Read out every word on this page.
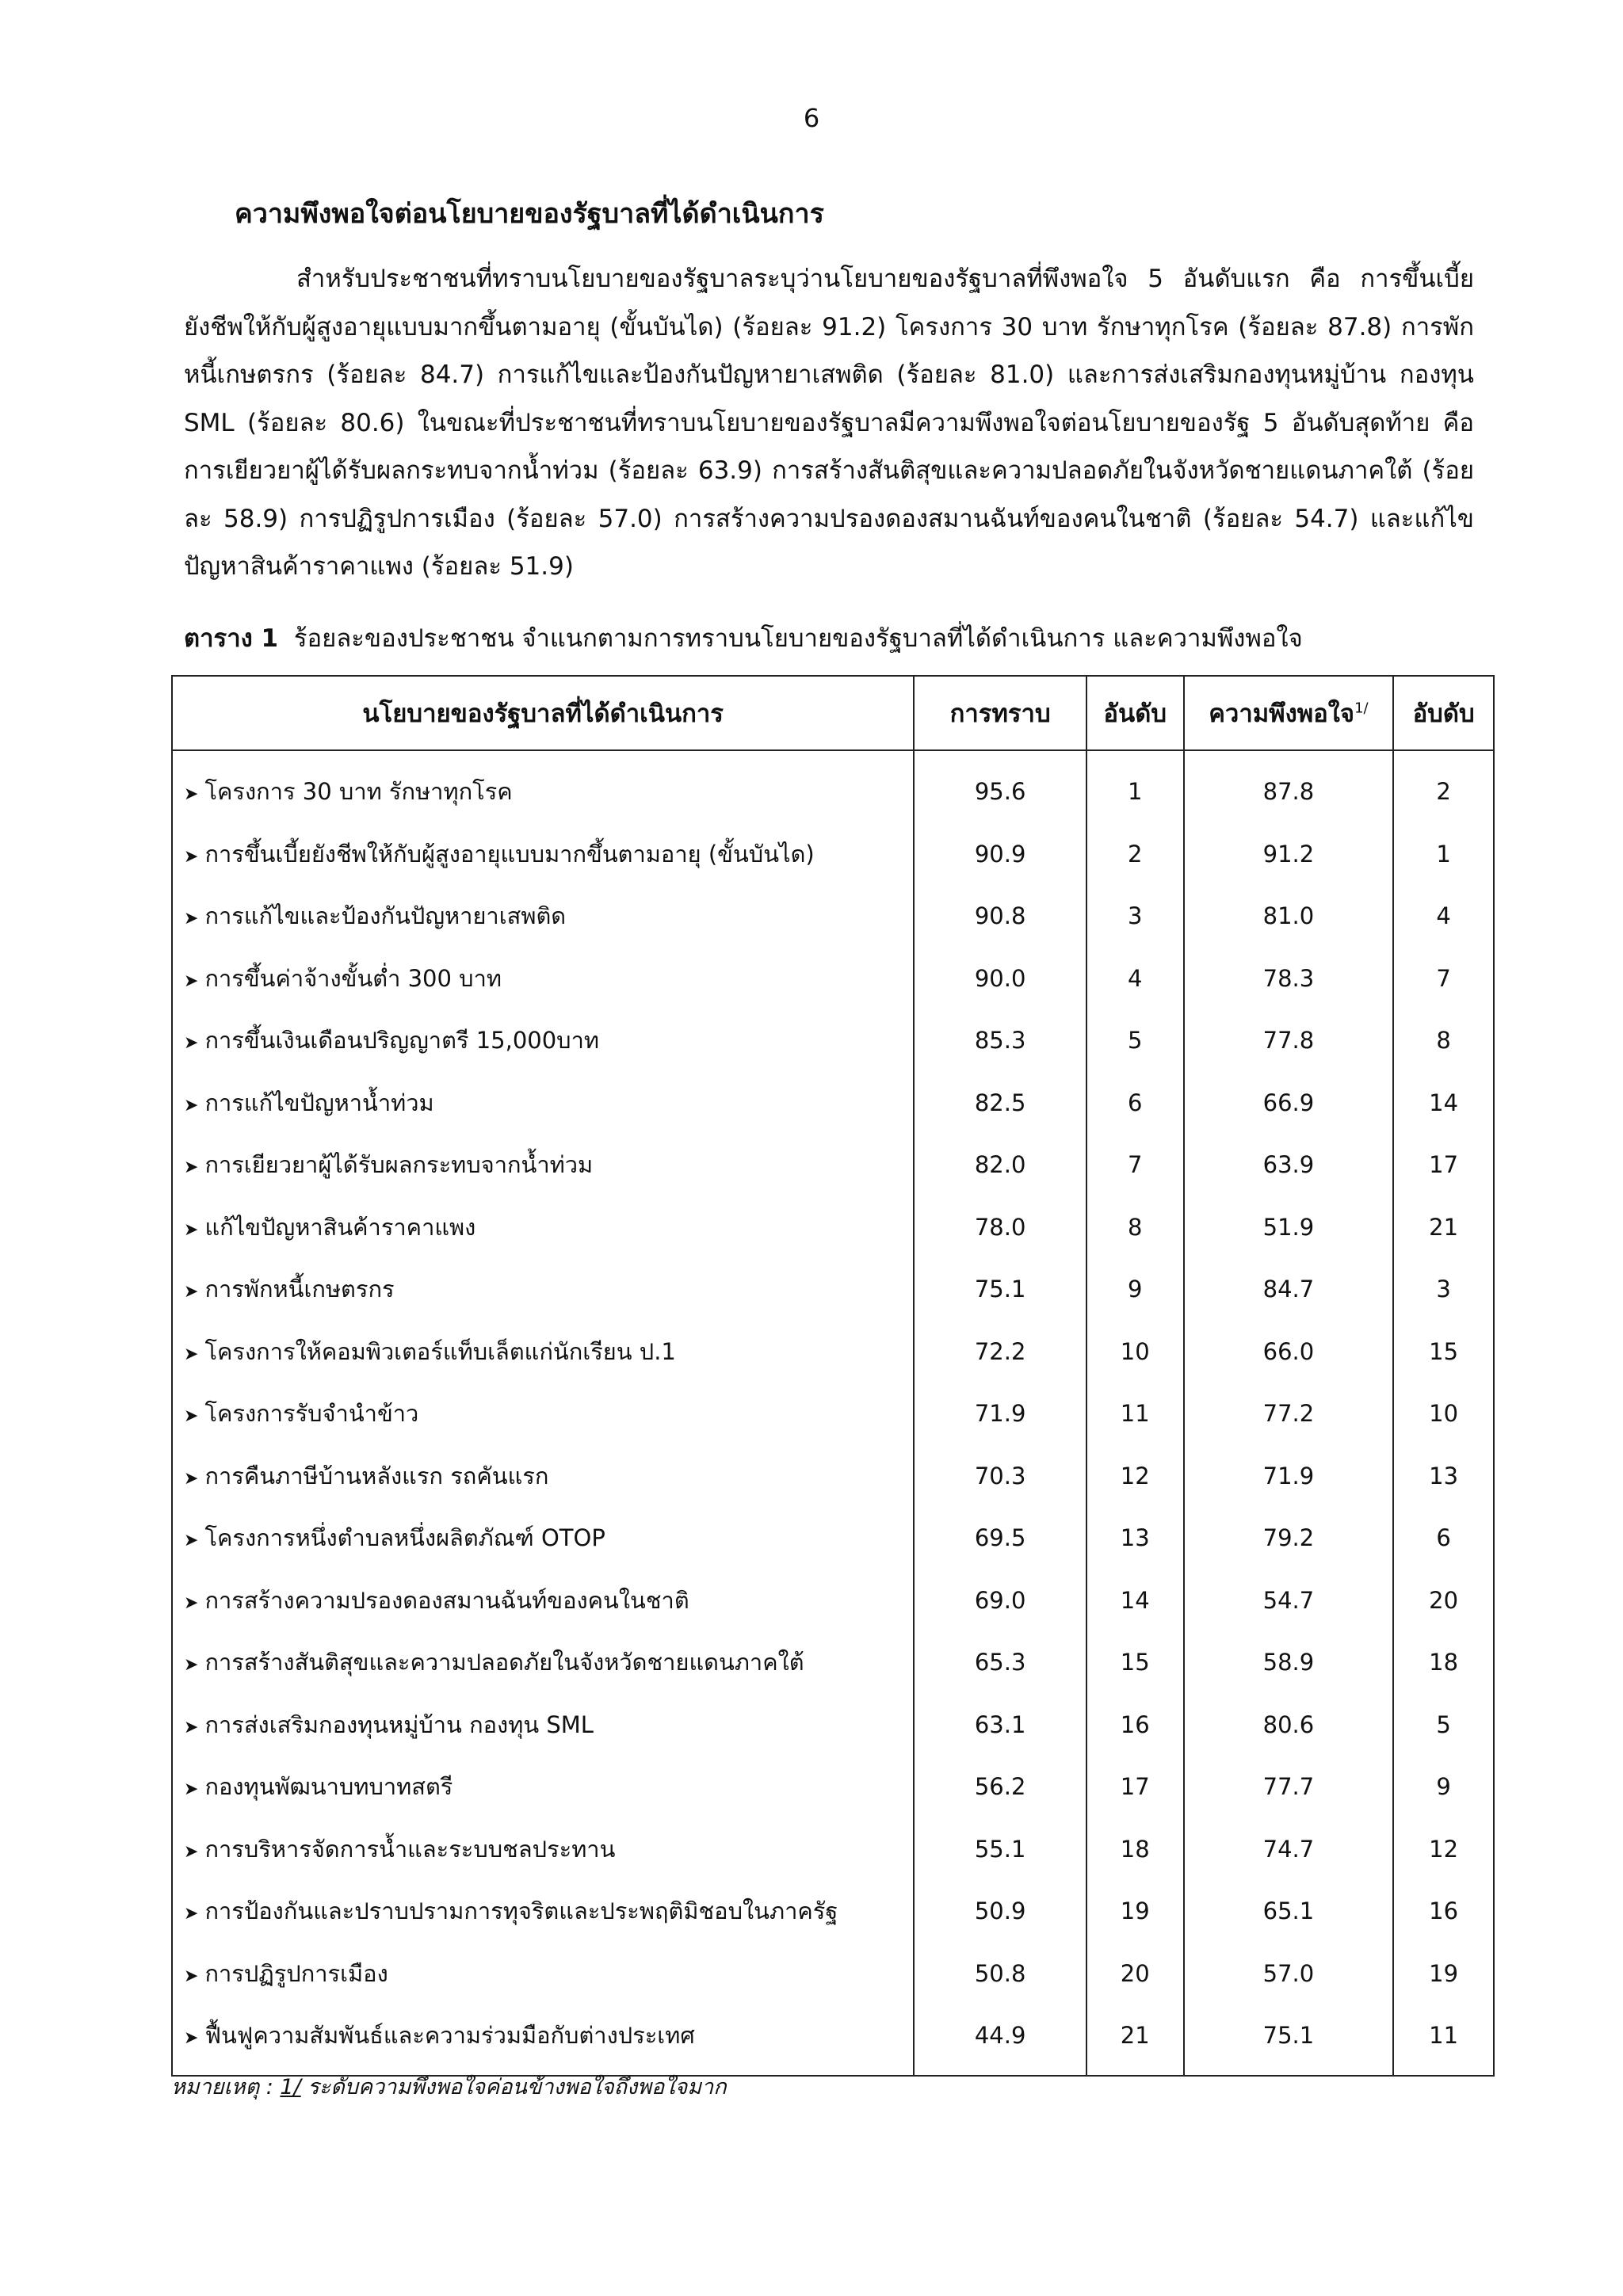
6
ความพึงพอใจต่อนโยบายของรัฐบาลที่ได้ดำเนินการ

สำหรับประชาชนที่ทราบนโยบายของรัฐบาลระบุว่านโยบายของรัฐบาลที่พึงพอใจ 5 อันดับแรก คือ การขึ้นเบี้ยยังชีพให้กับผู้สูงอายุแบบมากขึ้นตามอายุ (ขั้นบันได) (ร้อยละ 91.2) โครงการ 30 บาท รักษาทุกโรค (ร้อยละ 87.8) การพักหนี้เกษตรกร (ร้อยละ 84.7) การแก้ไขและป้องกันปัญหายาเสพติด (ร้อยละ 81.0) และการส่งเสริมกองทุนหมู่บ้าน กองทุน SML (ร้อยละ 80.6) ในขณะที่ประชาชนที่ทราบนโยบายของรัฐบาลมีความพึงพอใจต่อนโยบายของรัฐ 5 อันดับสุดท้าย คือ การเยียวยาผู้ได้รับผลกระทบจากน้ำท่วม (ร้อยละ 63.9) การสร้างสันติสุขและความปลอดภัยในจังหวัดชายแดนภาคใต้ (ร้อยละ 58.9) การปฏิรูปการเมือง (ร้อยละ 57.0) การสร้างความปรองดองสมานฉันท์ของคนในชาติ (ร้อยละ 54.7) และแก้ไขปัญหาสินค้าราคาแพง (ร้อยละ 51.9)

ตาราง 1 ร้อยละของประชาชน จำแนกตามการทราบนโยบายของรัฐบาลที่ได้ดำเนินการ และความพึงพอใจ
นโยบายของรัฐบาลที่ได้ดำเนินการ	การทราบ	อันดับ	ความพึงพอใจ$^{1/}$	อับดับ
➤ โครงการ 30 บาท รักษาทุกโรค	95.6	1	87.8	2
➤ การขึ้นเบี้ยยังชีพให้กับผู้สูงอายุแบบมากขึ้นตามอายุ (ขั้นบันได)	90.9	2	91.2	1
➤ การแก้ไขและป้องกันปัญหายาเสพติด	90.8	3	81.0	4
➤ การขึ้นค่าจ้างขั้นต่ำ 300 บาท	90.0	4	78.3	7
➤ การขึ้นเงินเดือนปริญญาตรี 15,000บาท	85.3	5	77.8	8
➤ การแก้ไขปัญหาน้ำท่วม	82.5	6	66.9	14
➤ การเยียวยาผู้ได้รับผลกระทบจากน้ำท่วม	82.0	7	63.9	17
➤ แก้ไขปัญหาสินค้าราคาแพง	78.0	8	51.9	21
➤ การพักหนี้เกษตรกร	75.1	9	84.7	3
➤ โครงการให้คอมพิวเตอร์แท็บเล็ตแก่นักเรียน ป.1	72.2	10	66.0	15
➤ โครงการรับจำนำข้าว	71.9	11	77.2	10
➤ การคืนภาษีบ้านหลังแรก รถคันแรก	70.3	12	71.9	13
➤ โครงการหนึ่งตำบลหนึ่งผลิตภัณฑ์ OTOP	69.5	13	79.2	6
➤ การสร้างความปรองดองสมานฉันท์ของคนในชาติ	69.0	14	54.7	20
➤ การสร้างสันติสุขและความปลอดภัยในจังหวัดชายแดนภาคใต้	65.3	15	58.9	18
➤ การส่งเสริมกองทุนหมู่บ้าน กองทุน SML	63.1	16	80.6	5
➤ กองทุนพัฒนาบทบาทสตรี	56.2	17	77.7	9
➤ การบริหารจัดการน้ำและระบบชลประทาน	55.1	18	74.7	12
➤ การป้องกันและปราบปรามการทุจริตและประพฤติมิชอบในภาครัฐ	50.9	19	65.1	16
➤ การปฏิรูปการเมือง	50.8	20	57.0	19
➤ ฟื้นฟูความสัมพันธ์และความร่วมมือกับต่างประเทศ	44.9	21	75.1	11
หมายเหตุ : 1/ ระดับความพึงพอใจค่อนข้างพอใจถึงพอใจมาก
